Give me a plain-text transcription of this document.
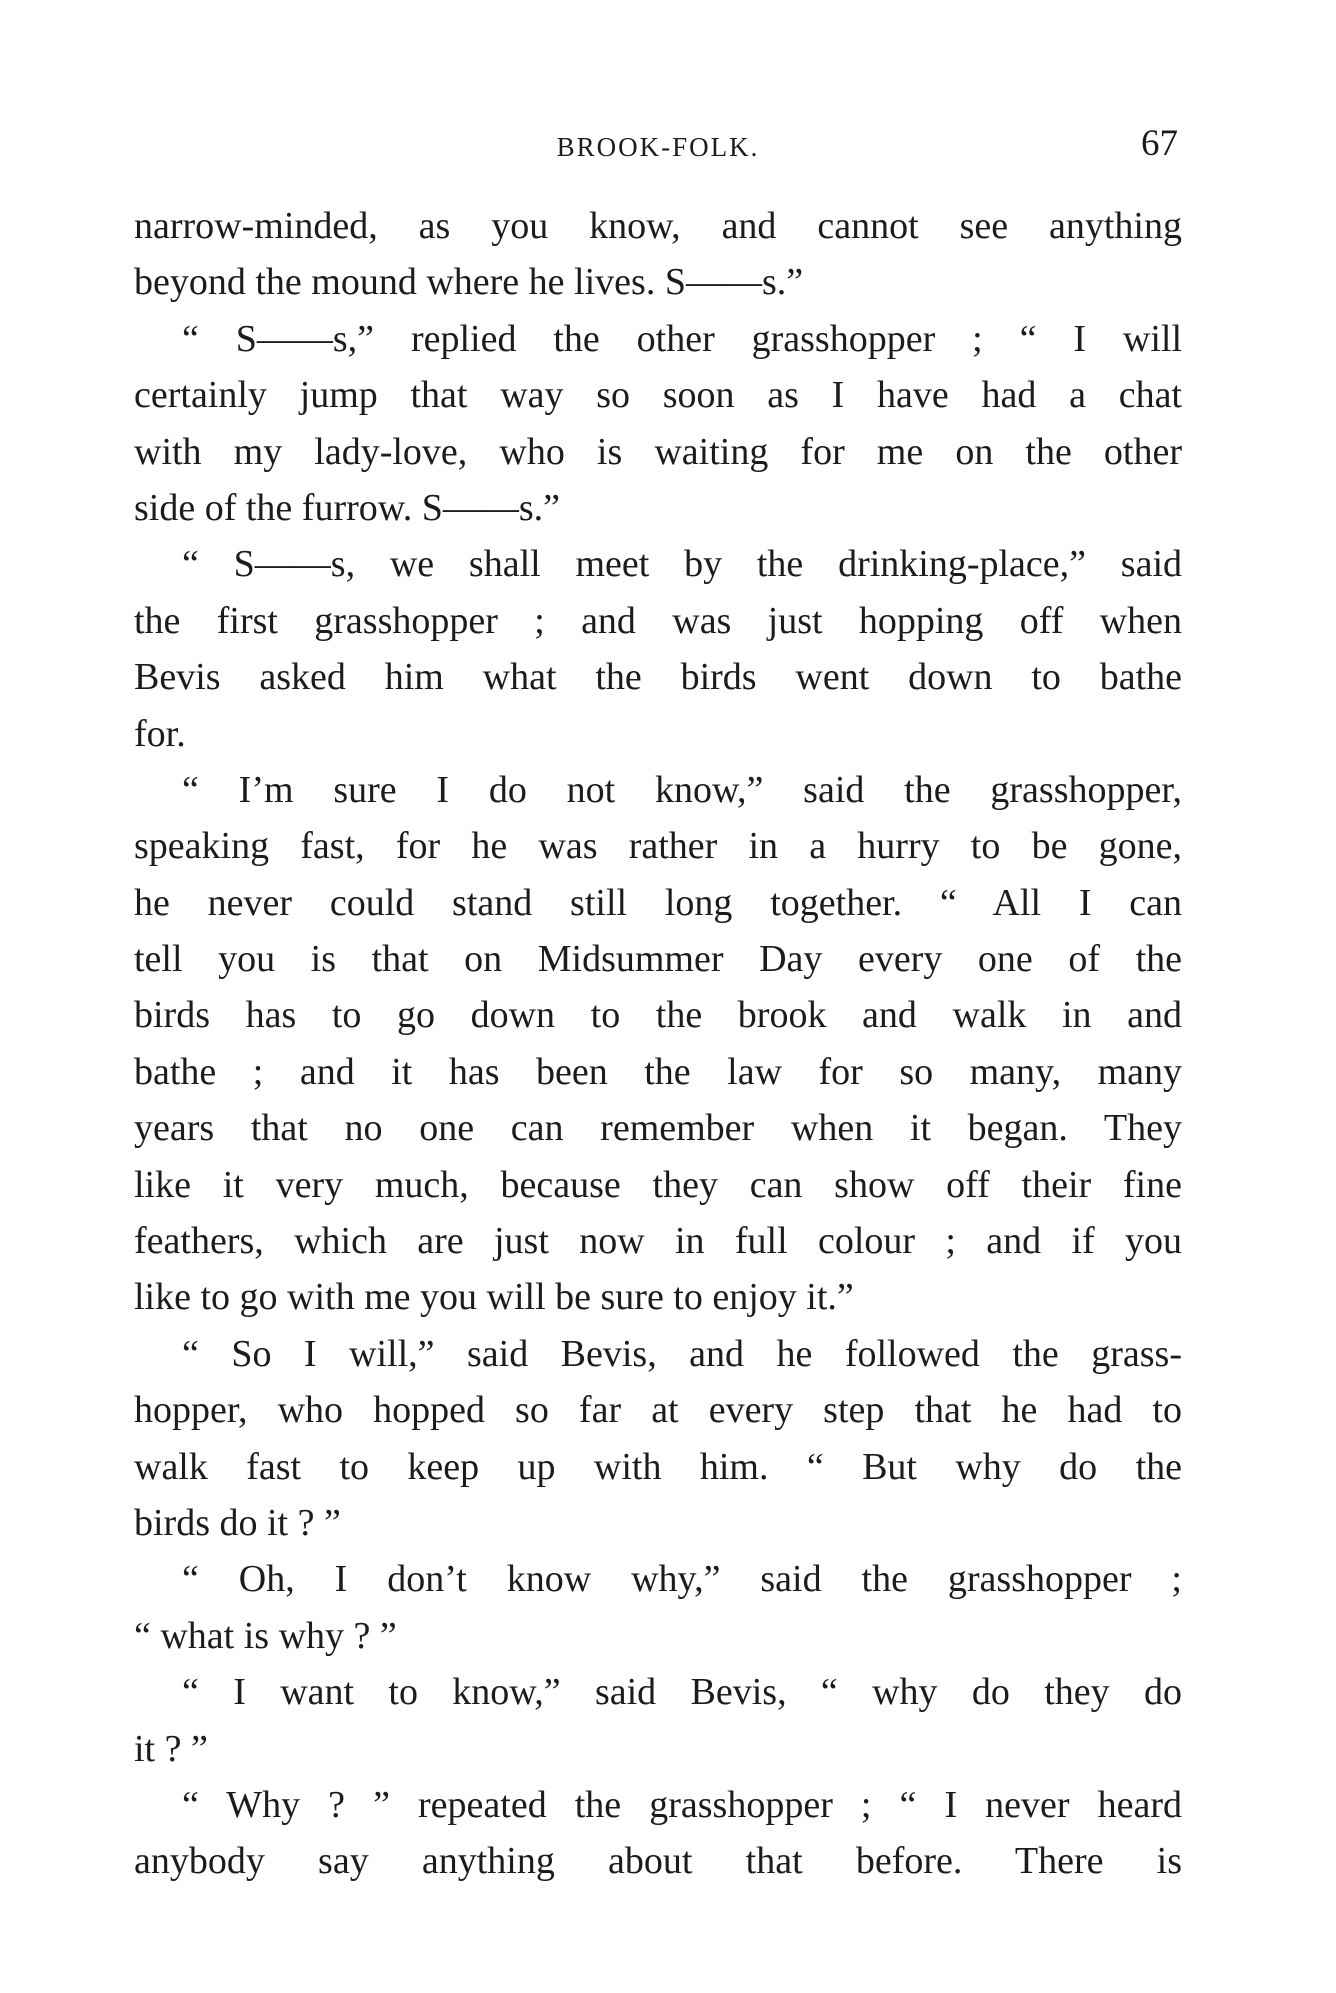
BROOK-FOLK.	67
narrow-minded, as you know, and cannot see anything
beyond the mound where he lives. S——s.”
“ S——s,” replied the other grasshopper ; “ I will
certainly jump that way so soon as I have had a chat
with my lady-love, who is waiting for me on the other
side of the furrow. S——s.”
“ S——s, we shall meet by the drinking-place,” said
the first grasshopper ; and was just hopping off when
Bevis asked him what the birds went down to bathe
for.
“ I’m sure I do not know,” said the grasshopper,
speaking fast, for he was rather in a hurry to be gone,
he never could stand still long together. “ All I can
tell you is that on Midsummer Day every one of the
birds has to go down to the brook and walk in and
bathe ; and it has been the law for so many, many
years that no one can remember when it began. They
like it very much, because they can show off their fine
feathers, which are just now in full colour ; and if you
like to go with me you will be sure to enjoy it.”
“ So I will,” said Bevis, and he followed the grass-
hopper, who hopped so far at every step that he had to
walk fast to keep up with him. “ But why do the
birds do it ? ”
“ Oh, I don’t know why,” said the grasshopper ;
“ what is why ? ”
“ I want to know,” said Bevis, “ why do they do
it ? ”
“ Why ? ” repeated the grasshopper ; “ I never heard
anybody say anything about that before. There is
